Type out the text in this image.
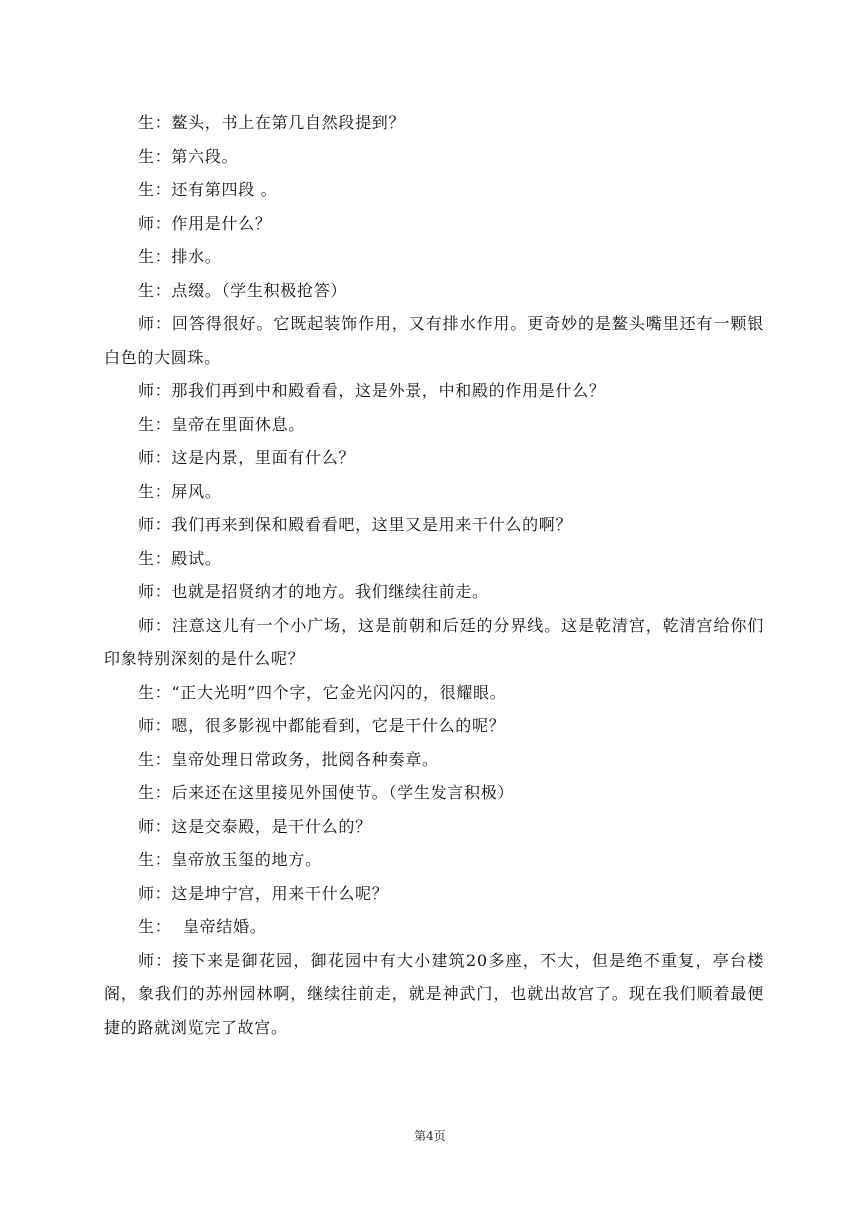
生：鳌头，书上在第几自然段提到？

生：第六段。

生：还有第四段 。

师：作用是什么？

生：排水。

生：点缀。（学生积极抢答）

师：回答得很好。它既起装饰作用，又有排水作用。更奇妙的是鳌头嘴里还有一颗银白色的大圆珠。

师：那我们再到中和殿看看，这是外景，中和殿的作用是什么？

生：皇帝在里面休息。

师：这是内景，里面有什么？

生：屏风。

师：我们再来到保和殿看看吧，这里又是用来干什么的啊？

生：殿试。

师：也就是招贤纳才的地方。我们继续往前走。

师：注意这儿有一个小广场，这是前朝和后廷的分界线。这是乾清宫，乾清宫给你们印象特别深刻的是什么呢？

生：“正大光明”四个字，它金光闪闪的，很耀眼。

师：嗯，很多影视中都能看到，它是干什么的呢？

生：皇帝处理日常政务，批阅各种奏章。

生：后来还在这里接见外国使节。（学生发言积极）

师：这是交泰殿，是干什么的？

生：皇帝放玉玺的地方。

师：这是坤宁宫，用来干什么呢？

生：  皇帝结婚。

师：接下来是御花园，御花园中有大小建筑20多座，不大，但是绝不重复，亭台楼阁，象我们的苏州园林啊，继续往前走，就是神武门，也就出故宫了。现在我们顺着最便捷的路就浏览完了故宫。

第4页
